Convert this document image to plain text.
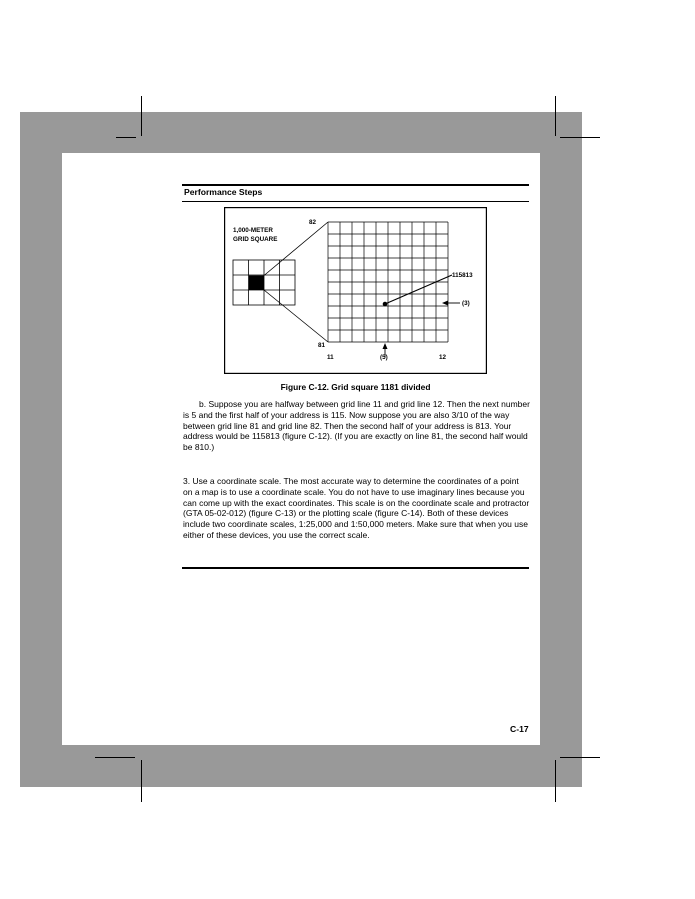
Performance Steps
1,000-METER
GRID SQUARE
82
81
11	12
(5)
(3)
115813
Figure C-12. Grid square 1181 divided
b. Suppose you are halfway between grid line 11 and grid line 12. Then the next number is 5 and the first half of your address is 115. Now suppose you are also 3/10 of the way between grid line 81 and grid line 82. Then the second half of your address is 813. Your address would be 115813 (figure C-12). (If you are exactly on line 81, the second half would be 810.)
3. Use a coordinate scale. The most accurate way to determine the coordinates of a point on a map is to use a coordinate scale. You do not have to use imaginary lines because you can come up with the exact coordinates. This scale is on the coordinate scale and protractor (GTA 05-02-012) (figure C-13) or the plotting scale (figure C-14). Both of these devices include two coordinate scales, 1:25,000 and 1:50,000 meters. Make sure that when you use either of these devices, you use the correct scale.
C-17
